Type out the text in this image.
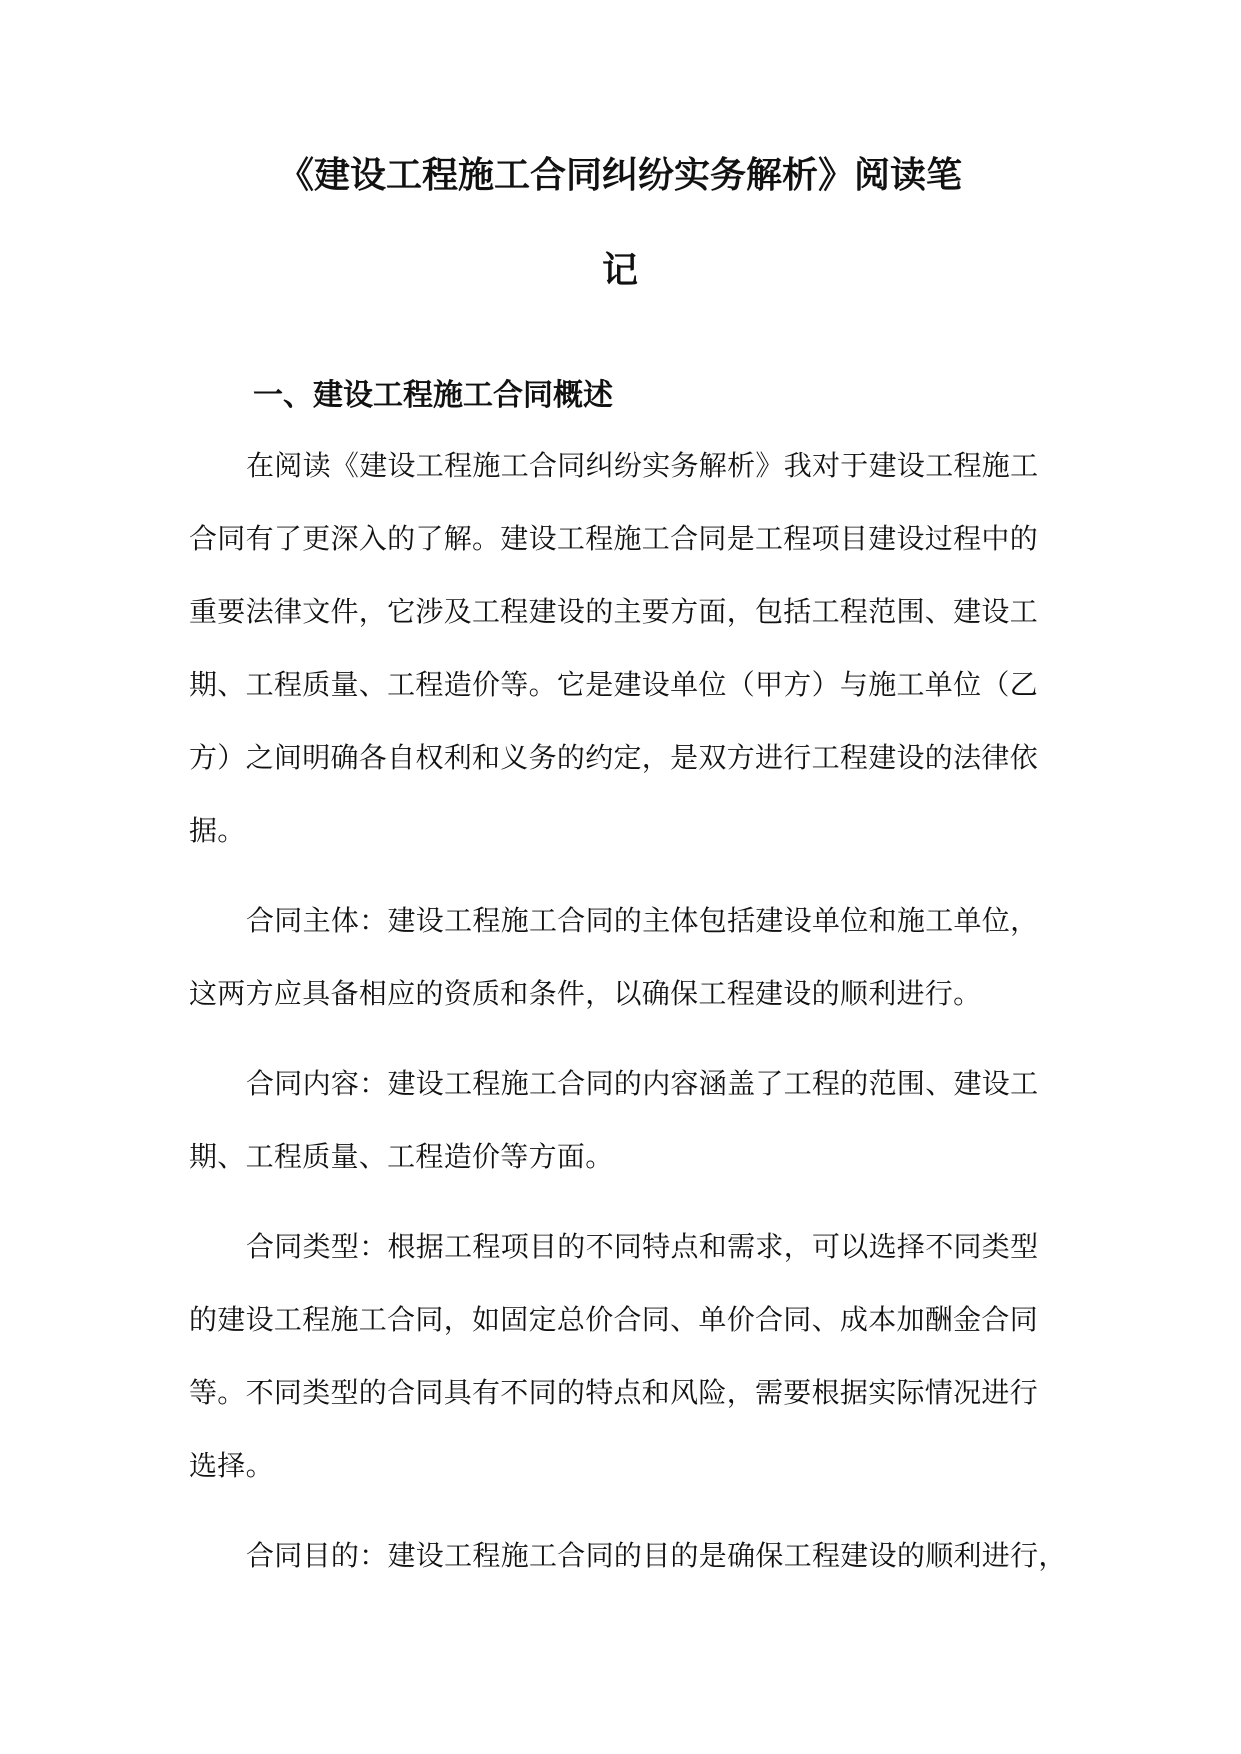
《建设工程施工合同纠纷实务解析》阅读笔
记
一、建设工程施工合同概述
在阅读《建设工程施工合同纠纷实务解析》我对于建设工程施工
合同有了更深入的了解。建设工程施工合同是工程项目建设过程中的
重要法律文件，它涉及工程建设的主要方面，包括工程范围、建设工
期、工程质量、工程造价等。它是建设单位（甲方）与施工单位（乙
方）之间明确各自权利和义务的约定，是双方进行工程建设的法律依
据。
合同主体：建设工程施工合同的主体包括建设单位和施工单位，
这两方应具备相应的资质和条件，以确保工程建设的顺利进行。
合同内容：建设工程施工合同的内容涵盖了工程的范围、建设工
期、工程质量、工程造价等方面。
合同类型：根据工程项目的不同特点和需求，可以选择不同类型
的建设工程施工合同，如固定总价合同、单价合同、成本加酬金合同
等。不同类型的合同具有不同的特点和风险，需要根据实际情况进行
选择。
合同目的：建设工程施工合同的目的是确保工程建设的顺利进行，
